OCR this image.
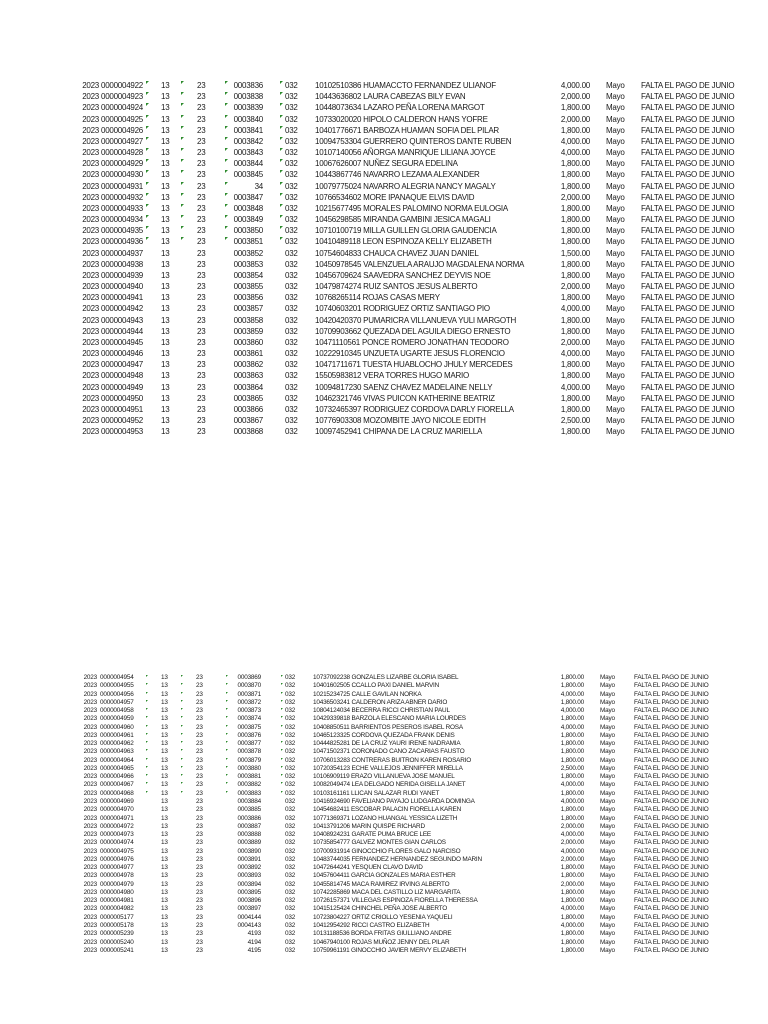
2023 0000004922 13	23	0003836	032 10102510386 HUAMACCTO FERNANDEZ ULIANOF	4,000.00 Mayo FALTA EL PAGO DE JUNIO
2023 0000004923 13	23	0003838	032 10443636802 LAURA CABEZAS BILY EVAN	2,000.00 Mayo FALTA EL PAGO DE JUNIO
2023 0000004924 13	23	0003839	032 10448073634 LAZARO PEÑA LORENA MARGOT	1,800.00 Mayo FALTA EL PAGO DE JUNIO
2023 0000004925 13	23	0003840	032 10733020020 HIPOLO CALDERON HANS YOFRE	2,000.00 Mayo FALTA EL PAGO DE JUNIO
2023 0000004926 13	23	0003841	032 10401776671 BARBOZA HUAMAN SOFIA DEL PILAR	1,800.00 Mayo FALTA EL PAGO DE JUNIO
2023 0000004927 13	23	0003842	032 10094753304 GUERRERO QUINTEROS DANTE RUBEN	4,000.00 Mayo FALTA EL PAGO DE JUNIO
2023 0000004928 13	23	0003843	032 10107140056 AÑORGA MANRIQUE LILIANA JOYCE	4,000.00 Mayo FALTA EL PAGO DE JUNIO
2023 0000004929 13	23	0003844	032 10067626007 NUÑEZ SEGURA EDELINA	1,800.00 Mayo FALTA EL PAGO DE JUNIO
2023 0000004930 13	23	0003845	032 10443867746 NAVARRO LEZAMA ALEXANDER	1,800.00 Mayo FALTA EL PAGO DE JUNIO
2023 0000004931 13	23	34	032 10079775024 NAVARRO ALEGRIA NANCY MAGALY	1,800.00 Mayo FALTA EL PAGO DE JUNIO
2023 0000004932 13	23	0003847	032 10766534602 MORE IPANAQUE ELVIS DAVID	2,000.00 Mayo FALTA EL PAGO DE JUNIO
2023 0000004933 13	23	0003848	032 10215677495 MORALES PALOMINO NORMA EULOGIA	1,800.00 Mayo FALTA EL PAGO DE JUNIO
2023 0000004934 13	23	0003849	032 10456298585 MIRANDA GAMBINI JESICA MAGALI	1,800.00 Mayo FALTA EL PAGO DE JUNIO
2023 0000004935 13	23	0003850	032 10710100719 MILLA GUILLEN GLORIA GAUDENCIA	1,800.00 Mayo FALTA EL PAGO DE JUNIO
2023 0000004936 13	23	0003851	032 10410489118 LEON ESPINOZA KELLY ELIZABETH	1,800.00 Mayo FALTA EL PAGO DE JUNIO
2023 0000004937 13	23	0003852	032 10754604833 CHAUCA CHAVEZ JUAN DANIEL	1,500.00 Mayo FALTA EL PAGO DE JUNIO
2023 0000004938 13	23	0003853	032 10450978545 VALENZUELA ARAUJO MAGDALENA NORMA	1,800.00 Mayo FALTA EL PAGO DE JUNIO
2023 0000004939 13	23	0003854	032 10456709624 SAAVEDRA SANCHEZ DEYVIS NOE	1,800.00 Mayo FALTA EL PAGO DE JUNIO
2023 0000004940 13	23	0003855	032 10479874274 RUIZ SANTOS JESUS ALBERTO	2,000.00 Mayo FALTA EL PAGO DE JUNIO
2023 0000004941 13	23	0003856	032 10768265114 ROJAS CASAS MERY	1,800.00 Mayo FALTA EL PAGO DE JUNIO
2023 0000004942 13	23	0003857	032 10740603201 RODRIGUEZ ORTIZ SANTIAGO PIO	4,000.00 Mayo FALTA EL PAGO DE JUNIO
2023 0000004943 13	23	0003858	032 10420420370 PUMARICRA VILLANUEVA YULI MARGOTH	1,800.00 Mayo FALTA EL PAGO DE JUNIO
2023 0000004944 13	23	0003859	032 10709903662 QUEZADA DEL AGUILA DIEGO ERNESTO	1,800.00 Mayo FALTA EL PAGO DE JUNIO
2023 0000004945 13	23	0003860	032 10471110561 PONCE ROMERO JONATHAN TEODORO	2,000.00 Mayo FALTA EL PAGO DE JUNIO
2023 0000004946 13	23	0003861	032 10222910345 UNZUETA UGARTE JESUS FLORENCIO	4,000.00 Mayo FALTA EL PAGO DE JUNIO
2023 0000004947 13	23	0003862	032 10471711671 TUESTA HUABLOCHO JHULY MERCEDES	1,800.00 Mayo FALTA EL PAGO DE JUNIO
2023 0000004948 13	23	0003863	032 15505983812 VERA TORRES HUGO MARIO	1,800.00 Mayo FALTA EL PAGO DE JUNIO
2023 0000004949 13	23	0003864	032 10094817230 SAENZ CHAVEZ MADELAINE NELLY	4,000.00 Mayo FALTA EL PAGO DE JUNIO
2023 0000004950 13	23	0003865	032 10462321746 VIVAS PUICON KATHERINE BEATRIZ	1,800.00 Mayo FALTA EL PAGO DE JUNIO
2023 0000004951 13	23	0003866	032 10732465397 RODRIGUEZ CORDOVA DARLY FIORELLA	1,800.00 Mayo FALTA EL PAGO DE JUNIO
2023 0000004952 13	23	0003867	032 10776903308 MOZOMBITE JAYO NICOLE EDITH	2,500.00 Mayo FALTA EL PAGO DE JUNIO
2023 0000004953 13	23	0003868	032 10097452941 CHIPANA DE LA CRUZ MARIELLA	1,800.00 Mayo FALTA EL PAGO DE JUNIO
2023 0000004954	13	23	0003869	032	10737092238 GONZALES LIZARBE GLORIA ISABEL	1,800.00	Mayo	FALTA EL PAGO DE JUNIO
2023 0000004955	13	23	0003870	032	10401602505 CCALLO PAXI DANIEL MARVIN	1,800.00	Mayo	FALTA EL PAGO DE JUNIO
2023 0000004956	13	23	0003871	032	10215234725 CALLE GAVILAN NORKA	4,000.00	Mayo	FALTA EL PAGO DE JUNIO
2023 0000004957	13	23	0003872	032	10436503241 CALDERON ARIZA ABNER DARIO	1,800.00	Mayo	FALTA EL PAGO DE JUNIO
2023 0000004958	13	23	0003873	032	10804124034 BECERRA RICCI CHRISTIAN PAUL	4,000.00	Mayo	FALTA EL PAGO DE JUNIO
2023 0000004959	13	23	0003874	032	10429339818 BARZOLA ELESCANO MARIA LOURDES	1,800.00	Mayo	FALTA EL PAGO DE JUNIO
2023 0000004960	13	23	0003875	032	10408850511 BARRIENTOS PESEROS ISABEL ROSA	4,000.00	Mayo	FALTA EL PAGO DE JUNIO
2023 0000004961	13	23	0003876	032	10465123325 CORDOVA QUEZADA FRANK DENIS	1,800.00	Mayo	FALTA EL PAGO DE JUNIO
2023 0000004962	13	23	0003877	032	10444825281 DE LA CRUZ YAURI IRENE NADRAMIA	1,800.00	Mayo	FALTA EL PAGO DE JUNIO
2023 0000004963	13	23	0003878	032	10471502371 CORONADO CANO ZACARIAS FAUSTO	1,800.00	Mayo	FALTA EL PAGO DE JUNIO
2023 0000004964	13	23	0003879	032	10706013283 CONTRERAS BUITRON KAREN ROSARIO	1,800.00	Mayo	FALTA EL PAGO DE JUNIO
2023 0000004965	13	23	0003880	032	10720354123 ECHE VALLEJOS JENNIFFER MIRELLA	2,500.00	Mayo	FALTA EL PAGO DE JUNIO
2023 0000004966	13	23	0003881	032	10106909119 ERAZO VILLANUEVA JOSE MANUEL	1,800.00	Mayo	FALTA EL PAGO DE JUNIO
2023 0000004967	13	23	0003882	032	10082049474 LEA DELGADO NERIDA GISELLA JANET	4,000.00	Mayo	FALTA EL PAGO DE JUNIO
2023 0000004968	13	23	0003883	032	10103161161 LLICAN SALAZAR RUDI YANET	1,800.00	Mayo	FALTA EL PAGO DE JUNIO
2023 0000004969	13	23	0003884	032	10416924690 FAVELIANO PAYAJO LUDGARDA DOMINGA	4,000.00	Mayo	FALTA EL PAGO DE JUNIO
2023 0000004970	13	23	0003885	032	10454682411 ESCOBAR PALACIN FIORELLA KAREN	1,800.00	Mayo	FALTA EL PAGO DE JUNIO
2023 0000004971	13	23	0003886	032	10771369371 LOZANO HUANGAL YESSICA LIZETH	1,800.00	Mayo	FALTA EL PAGO DE JUNIO
2023 0000004972	13	23	0003887	032	10413791206 MARIN QUISPE RICHARD	2,000.00	Mayo	FALTA EL PAGO DE JUNIO
2023 0000004973	13	23	0003888	032	10408924231 GARATE PUMA BRUCE LEE	4,000.00	Mayo	FALTA EL PAGO DE JUNIO
2023 0000004974	13	23	0003889	032	10735854777 GALVEZ MONTES GIAN CARLOS	2,000.00	Mayo	FALTA EL PAGO DE JUNIO
2023 0000004975	13	23	0003890	032	10700931914 GINOCCHIO FLORES GALO NARCISO	4,000.00	Mayo	FALTA EL PAGO DE JUNIO
2023 0000004976	13	23	0003891	032	10483744035 FERNANDEZ HERNANDEZ SEGUNDO MARIN	2,000.00	Mayo	FALTA EL PAGO DE JUNIO
2023 0000004977	13	23	0003892	032	10472644241 YESQUEN CLAVO DAVID	1,800.00	Mayo	FALTA EL PAGO DE JUNIO
2023 0000004978	13	23	0003893	032	10457604411 GARCIA GONZALES MARIA ESTHER	1,800.00	Mayo	FALTA EL PAGO DE JUNIO
2023 0000004979	13	23	0003894	032	10455814745 MACA RAMIREZ IRVING ALBERTO	2,000.00	Mayo	FALTA EL PAGO DE JUNIO
2023 0000004980	13	23	0003895	032	10742285869 MACA DEL CASTILLO LIZ MARGARITA	1,800.00	Mayo	FALTA EL PAGO DE JUNIO
2023 0000004981	13	23	0003896	032	10726157371 VILLEGAS ESPINOZA FIORELLA THERESSA	1,800.00	Mayo	FALTA EL PAGO DE JUNIO
2023 0000004982	13	23	0003897	032	10415125424 CHINCHEL PEÑA JOSE ALBERTO	4,000.00	Mayo	FALTA EL PAGO DE JUNIO
2023 0000005177	13	23	0004144	032	10723804227 ORTIZ CRIOLLO YESENIA YAQUELI	1,800.00	Mayo	FALTA EL PAGO DE JUNIO
2023 0000005178	13	23	0004143	032	10412954292 RICCI CASTRO ELIZABETH	4,000.00	Mayo	FALTA EL PAGO DE JUNIO
2023 0000005239	13	23	4193	032	10131188536 BORDA FRITAS GIULLIANO ANDRE	1,800.00	Mayo	FALTA EL PAGO DE JUNIO
2023 0000005240	13	23	4194	032	10467940100 ROJAS MUÑOZ JENNY DEL PILAR	1,800.00	Mayo	FALTA EL PAGO DE JUNIO
2023 0000005241	13	23	4195	032	10759961191 GINOCCHIO JAVIER MERVY ELIZABETH	1,800.00	Mayo	FALTA EL PAGO DE JUNIO
